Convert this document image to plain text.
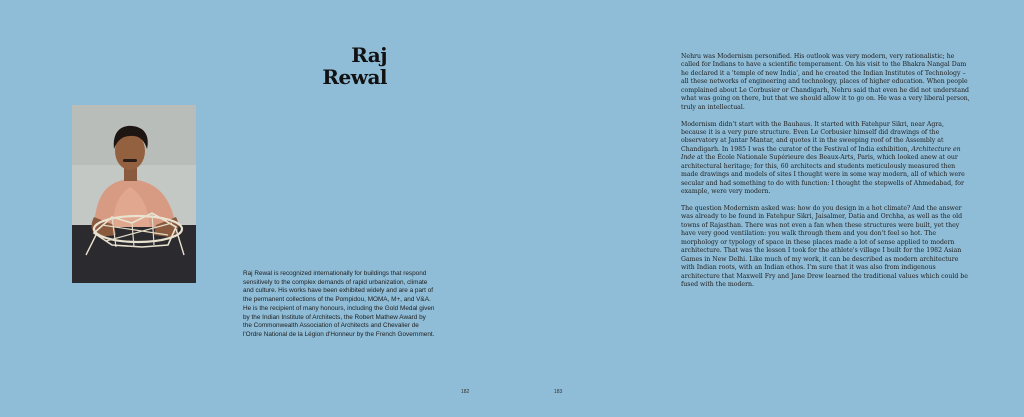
Raj
Rewal

Raj Rewal is recognized internationally for buildings that respond sensitively to the complex demands of rapid urbanization, climate and culture. His works have been exhibited widely and are a part of the permanent collections of the Pompidou, MOMA, M+, and V&A. He is the recipient of many honours, including the Gold Medal given by the Indian Institute of Architects, the Robert Mathew Award by the Commonwealth Association of Architects and Chevalier de l'Ordre National de la Légion d'Honneur by the French Government.

Nehru was Modernism personified. His outlook was very modern, very rationalistic; he called for Indians to have a scientific temperament. On his visit to the Bhakra Nangal Dam he declared it a 'temple of new India', and he created the Indian Institutes of Technology – all these networks of engineering and technology, places of higher education. When people complained about Le Corbusier or Chandigarh, Nehru said that even he did not understand what was going on there, but that we should allow it to go on. He was a very liberal person, truly an intellectual.

Modernism didn't start with the Bauhaus. It started with Fatehpur Sikri, near Agra, because it is a very pure structure. Even Le Corbusier himself did drawings of the observatory at Jantar Mantar, and quotes it in the sweeping roof of the Assembly at Chandigarh. In 1985 I was the curator of the Festival of India exhibition, Architecture en Inde at the École Nationale Supérieure des Beaux-Arts, Paris, which looked anew at our architectural heritage; for this, 60 architects and students meticulously measured then made drawings and models of sites I thought were in some way modern, all of which were secular and had something to do with function: I thought the stepwells of Ahmedabad, for example, were very modern.

The question Modernism asked was: how do you design in a hot climate? And the answer was already to be found in Fatehpur Sikri, Jaisalmer, Datia and Orchha, as well as the old towns of Rajasthan. There was not even a fan when these structures were built, yet they have very good ventilation: you walk through them and you don't feel so hot. The morphology or typology of space in these places made a lot of sense applied to modern architecture. That was the lesson I took for the athlete's village I built for the 1982 Asian Games in New Delhi. Like much of my work, it can be described as modern architecture with Indian roots, with an Indian ethos. I'm sure that it was also from indigenous architecture that Maxwell Fry and Jane Drew learned the traditional values which could be fused with the modern.

182	183
